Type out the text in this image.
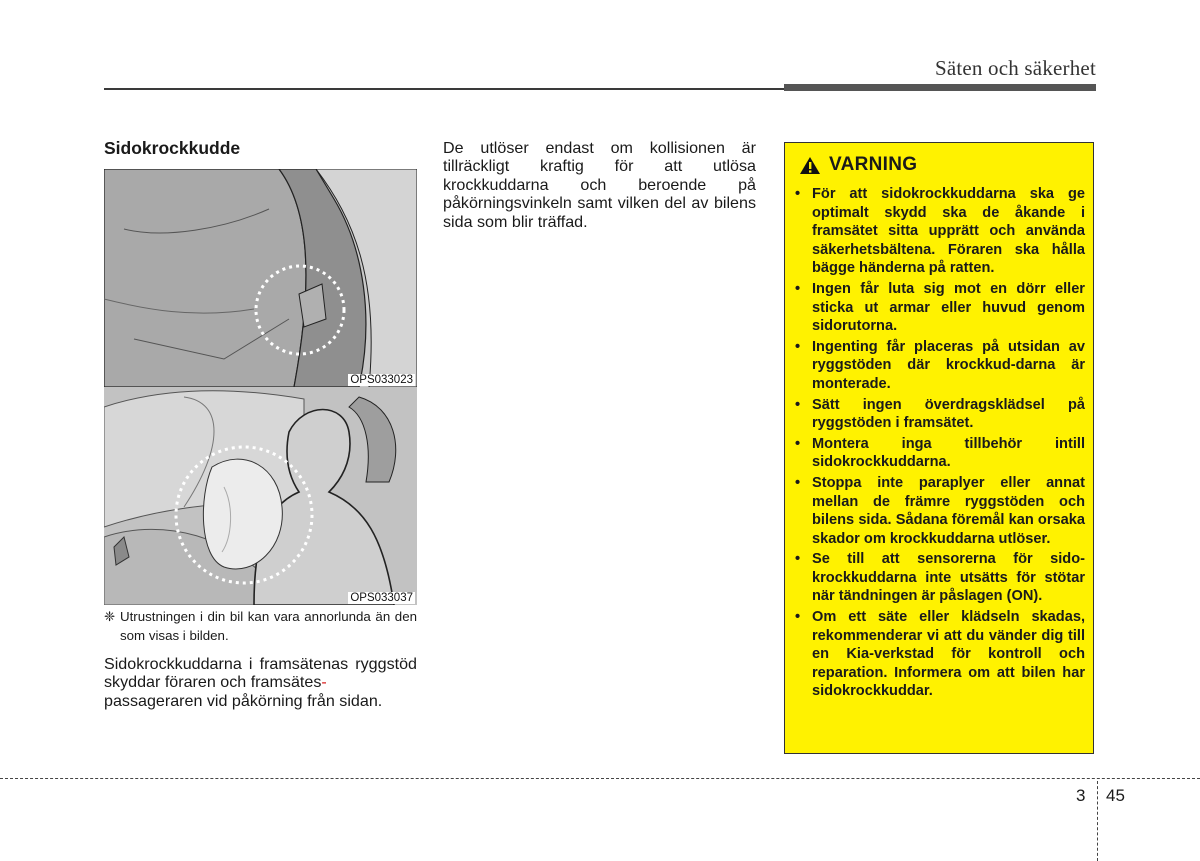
Säten och säkerhet
Sidokrockkudde
OPS033023
OPS033037
❈ Utrustningen i din bil kan vara annorlunda än den som visas i bilden.

Sidokrockkuddarna i framsätenas ryggstöd skyddar föraren och framsätes-
passageraren vid påkörning från sidan.

De utlöser endast om kollisionen är tillräckligt kraftig för att utlösa krockkuddarna och beroende på påkörningsvinkeln samt vilken del av bilens sida som blir träffad.

VARNING
• För att sidokrockkuddarna ska ge optimalt skydd ska de åkande i framsätet sitta upprätt och använda säkerhetsbältena. Föraren ska hålla bägge händerna på ratten.
• Ingen får luta sig mot en dörr eller sticka ut armar eller huvud genom sidorutorna.
• Ingenting får placeras på utsidan av ryggstöden där krockkud-darna är monterade.
• Sätt ingen överdragsklädsel på ryggstöden i framsätet.
• Montera inga tillbehör intill sidokrockkuddarna.
• Stoppa inte paraplyer eller annat mellan de främre ryggstöden och bilens sida. Sådana föremål kan orsaka skador om krockkuddarna utlöser.
• Se till att sensorerna för sido-krockkuddarna inte utsätts för stötar när tändningen är påslagen (ON).
• Om ett säte eller klädseln skadas, rekommenderar vi att du vänder dig till en Kia-verkstad för kontroll och reparation. Informera om att bilen har sidokrockkuddar.
3 45
